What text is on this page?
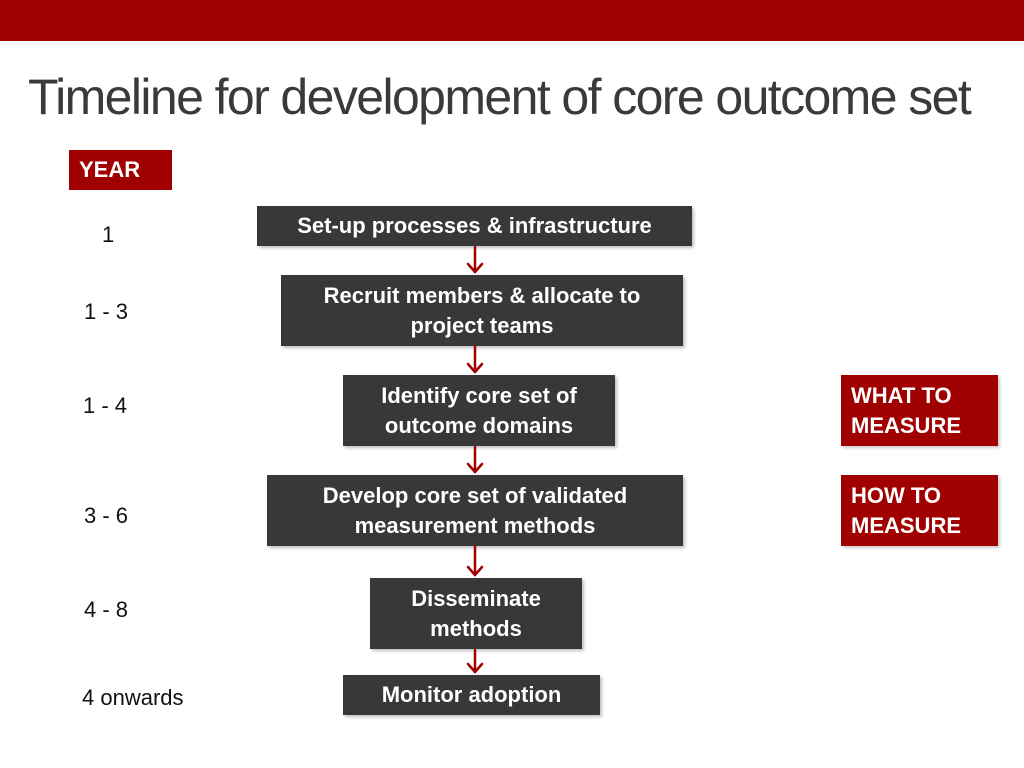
Timeline for development of core outcome set
YEAR
1
1 - 3
1 - 4
3 - 6
4 - 8
4 onwards
Set-up processes & infrastructure
Recruit members & allocate to project teams
Identify core set of outcome domains
Develop core set of validated measurement methods
Disseminate methods
Monitor adoption
WHAT TO MEASURE
HOW TO MEASURE
